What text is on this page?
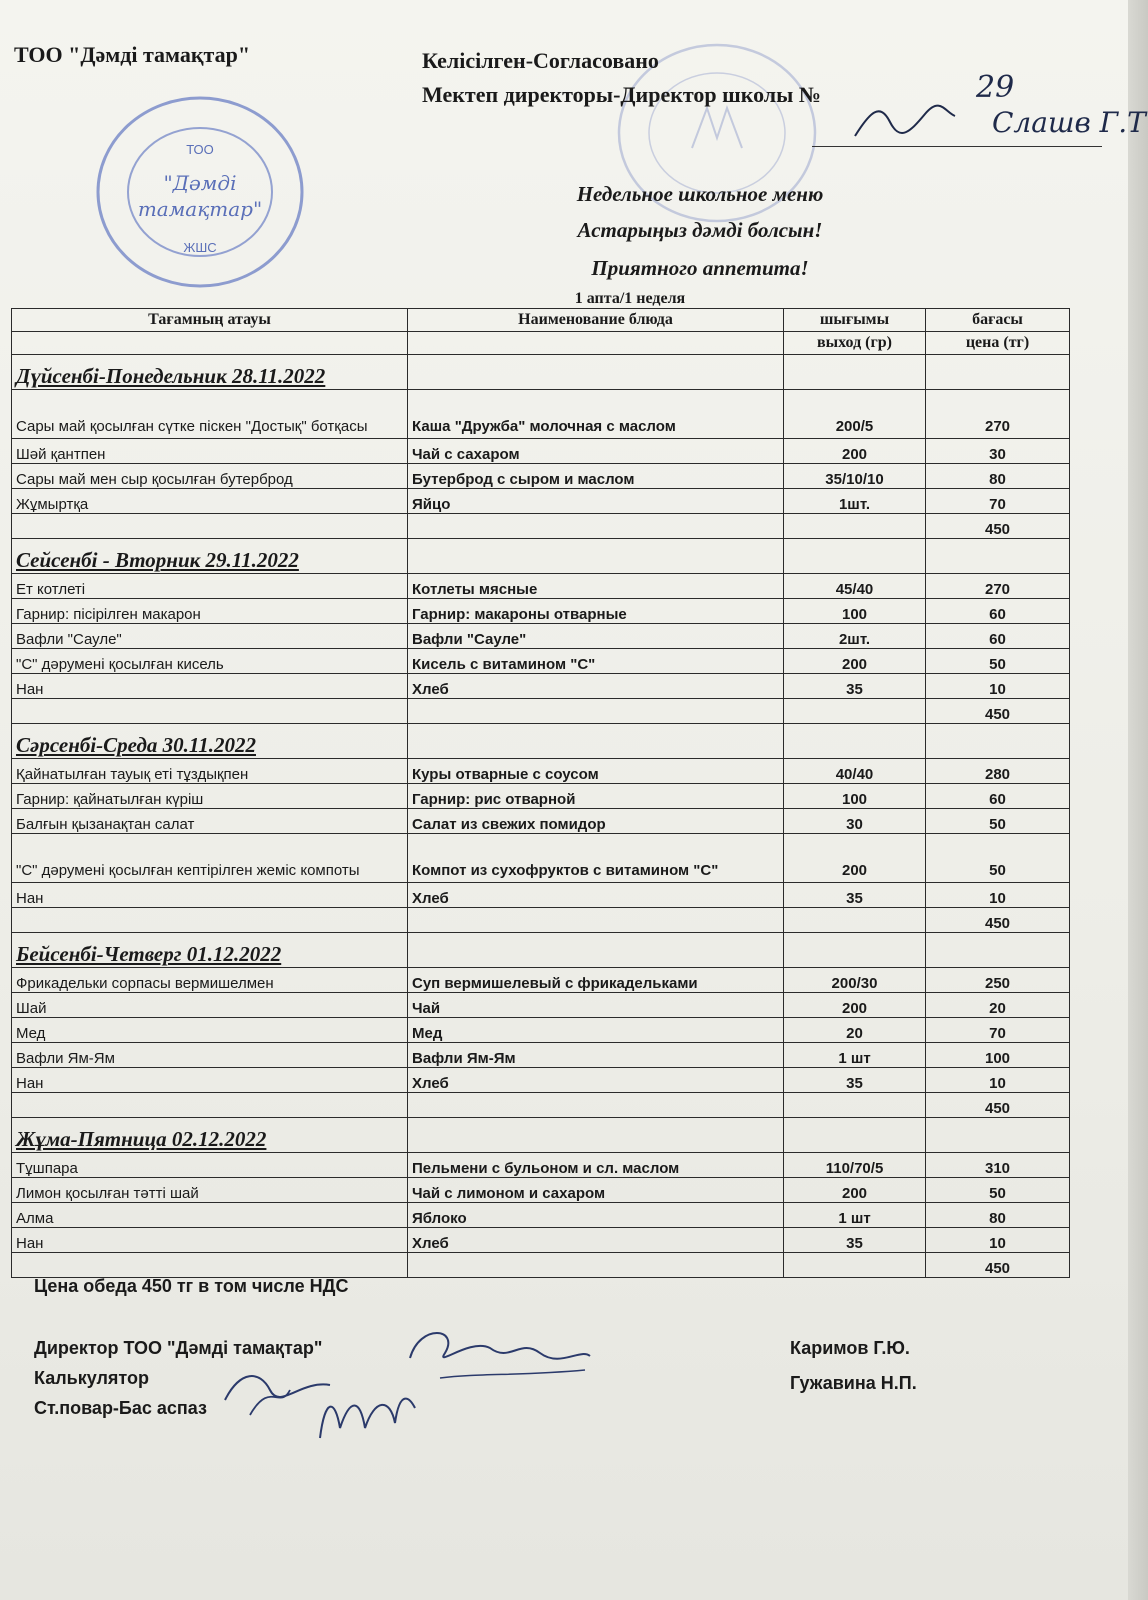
ТОО
"Дәмді
тамақтар"
ЖШС
ТОО "Дәмді тамақтар"	Келісілген-Согласовано
Мектеп директоры-Директор школы №	29
Слашв Г.Т
Недельное школьное меню
Астарыңыз дәмді болсын!
Приятного аппетита!
1 апта/1 неделя
Тағамның атауы	Наименование блюда	шығымы	бағасы
		выход (гр)	цена (тг)
Дүйсенбі-Понедельник 28.11.2022			
Сары май қосылған сүтке піскен "Достық" ботқасы	Каша "Дружба" молочная с маслом	200/5	270
Шәй қантпен	Чай с сахаром	200	30
Сары май мен сыр қосылған бутерброд	Бутерброд с сыром и маслом	35/10/10	80
Жұмыртқа	Яйцо	1шт.	70
			450
Сейсенбі - Вторник 29.11.2022			
Ет котлеті	Котлеты мясные	45/40	270
Гарнир: пісірілген макарон	Гарнир: макароны отварные	100	60
Вафли "Сауле"	Вафли "Сауле"	2шт.	60
"С" дәрумені қосылған кисель	Кисель с витамином "С"	200	50
Нан	Хлеб	35	10
			450
Сәрсенбі-Среда 30.11.2022			
Қайнатылған тауық еті тұздықпен	Куры отварные с соусом	40/40	280
Гарнир: қайнатылған күріш	Гарнир: рис отварной	100	60
Балғын қызанақтан салат	Салат из свежих помидор	30	50
"С" дәрумені қосылған кептірілген жеміс компоты	Компот из сухофруктов с витамином "С"	200	50
Нан	Хлеб	35	10
			450
Бейсенбі-Четверг 01.12.2022			
Фрикадельки сорпасы вермишелмен	Суп вермишелевый с фрикадельками	200/30	250
Шай	Чай	200	20
Мед	Мед	20	70
Вафли Ям-Ям	Вафли Ям-Ям	1 шт	100
Нан	Хлеб	35	10
			450
Жұма-Пятница 02.12.2022			
Тұшпара	Пельмени с бульоном и сл. маслом	110/70/5	310
Лимон қосылған тәтті шай	Чай с лимоном и сахаром	200	50
Алма	Яблоко	1 шт	80
Нан	Хлеб	35	10
			450
Цена обеда 450 тг в том числе НДС
Директор ТОО "Дәмді тамақтар"	Каримов Г.Ю.
Калькулятор	Гужавина Н.П.
Ст.повар-Бас аспаз
